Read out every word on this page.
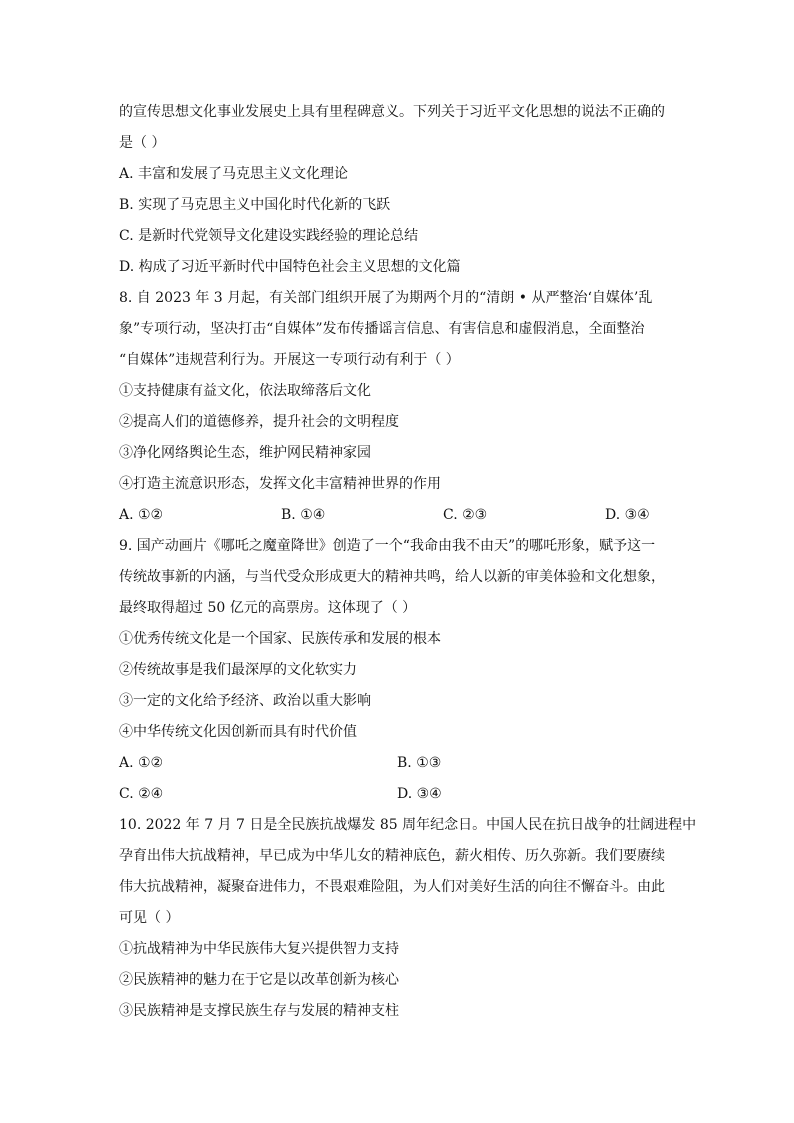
的宣传思想文化事业发展史上具有里程碑意义。下列关于习近平文化思想的说法不正确的
是（ ）
A. 丰富和发展了马克思主义文化理论
B. 实现了马克思主义中国化时代化新的飞跃
C. 是新时代党领导文化建设实践经验的理论总结
D. 构成了习近平新时代中国特色社会主义思想的文化篇
8. 自 2023 年 3 月起，有关部门组织开展了为期两个月的“清朗 • 从严整治‘自媒体’乱
象”专项行动，坚决打击“自媒体”发布传播谣言信息、有害信息和虚假消息，全面整治
“自媒体”违规营利行为。开展这一专项行动有利于（ ）
①支持健康有益文化，依法取缔落后文化
②提高人们的道德修养，提升社会的文明程度
③净化网络舆论生态，维护网民精神家园
④打造主流意识形态，发挥文化丰富精神世界的作用
A. ①②	B. ①④	C. ②③	D. ③④
9. 国产动画片《哪吒之魔童降世》创造了一个“我命由我不由天”的哪吒形象，赋予这一
传统故事新的内涵，与当代受众形成更大的精神共鸣，给人以新的审美体验和文化想象，
最终取得超过 50 亿元的高票房。这体现了（ ）
①优秀传统文化是一个国家、民族传承和发展的根本
②传统故事是我们最深厚的文化软实力
③一定的文化给予经济、政治以重大影响
④中华传统文化因创新而具有时代价值
A. ①②	B. ①③
C. ②④	D. ③④
10. 2022 年 7 月 7 日是全民族抗战爆发 85 周年纪念日。中国人民在抗日战争的壮阔进程中
孕育出伟大抗战精神，早已成为中华儿女的精神底色，薪火相传、历久弥新。我们要赓续
伟大抗战精神，凝聚奋进伟力，不畏艰难险阻，为人们对美好生活的向往不懈奋斗。由此
可见（ ）
①抗战精神为中华民族伟大复兴提供智力支持
②民族精神的魅力在于它是以改革创新为核心
③民族精神是支撑民族生存与发展的精神支柱
